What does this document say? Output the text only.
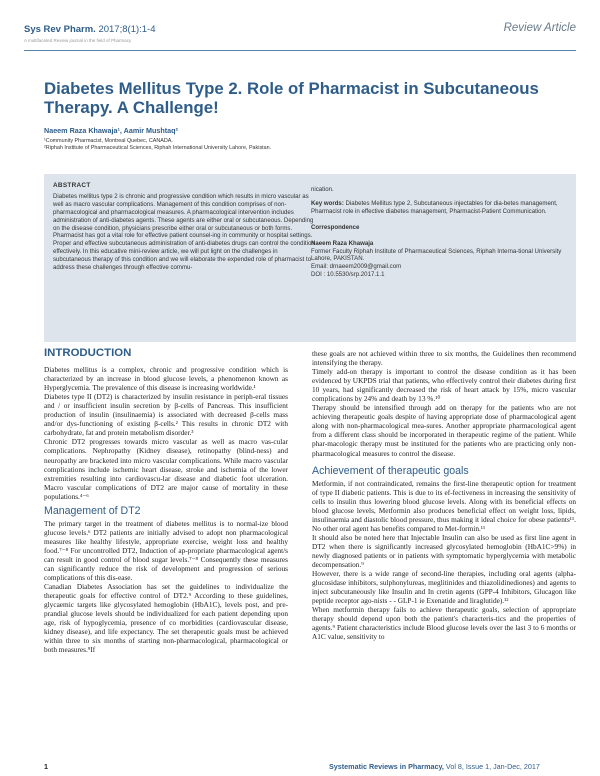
Sys Rev Pharm. 2017;8(1):1-4
A multifaceted Review journal in the field of Pharmacy
Review Article
Diabetes Mellitus Type 2. Role of Pharmacist in Subcutaneous Therapy. A Challenge!
Naeem Raza Khawaja¹, Aamir Mushtaq²
¹Community Pharmacist, Montreal Quebec, CANADA.
²Riphah Institute of Pharmaceutical Sciences, Riphah International University Lahore, Pakistan.
ABSTRACT
Diabetes mellitus type 2 is chronic and progressive condition which results in micro vascular as well as macro vascular complications. Management of this condition comprises of non-pharmacological and pharmacological measures. A pharmacological intervention includes administration of anti-diabetes agents. These agents are either oral or subcutaneous. Depending on the disease condition, physicians prescribe either oral or subcutaneous or both forms. Pharmacist has got a vital role for effective patient counsel-ing in community or hospital settings. Proper and effective subcutaneous administration of anti-diabetes drugs can control the condition effectively. In this educative mini-review article, we will put light on the challenges in subcutaneous therapy of this condition and we will elaborate the expended role of pharmacist to address these challenges through effective commu-

nication.

Key words: Diabetes Mellitus type 2, Subcutaneous injectables for dia-betes management, Pharmacist role in effective diabetes management, Pharmacist-Patient Communication.

Correspondence
Naeem Raza Khawaja
Former Faculty Riphah Institute of Pharmaceutical Sciences, Riphah Interna-tional University Lahore, PAKISTAN.
Email: drnaeem2009@gmail.com
DOI : 10.5530/srp.2017.1.1
INTRODUCTION

Diabetes mellitus is a complex, chronic and progressive condition which is characterized by an increase in blood glucose levels, a phenomenon known as Hyperglycemia. The prevalence of this disease is increasing worldwide.¹

Diabetes type II (DT2) is characterized by insulin resistance in periph-eral tissues and / or insufficient insulin secretion by β-cells of Pancreas. This insufficient production of insulin (insulinaemia) is associated with decreased β-cells mass and/or dys-functioning of existing β-cells.² This results in chronic DT2 with carbohydrate, fat and protein metabolism disorder.³

Chronic DT2 progresses towards micro vascular as well as macro vas-cular complications. Nephropathy (Kidney disease), retinopathy (blind-ness) and neuropathy are bracketed into micro vascular complications. While macro vascular complications include ischemic heart disease, stroke and ischemia of the lower extremities resulting into cardiovascu-lar disease and diabetic foot ulceration. Macro vascular complications of DT2 are major cause of mortality in these populations.⁴⁻⁶

Management of DT2

The primary target in the treatment of diabetes mellitus is to normal-ize blood glucose levels.⁶ DT2 patients are initially advised to adopt non pharmacological measures like healthy lifestyle, appropriate exercise, weight loss and healthy food.⁷⁻⁸ For uncontrolled DT2, Induction of ap-propriate pharmacological agent/s can result in good control of blood sugar levels.⁷⁻⁸ Consequently these measures can significantly reduce the risk of development and progression of serious complications of this dis-ease.

Canadian Diabetes Association has set the guidelines to individualize the therapeutic goals for effective control of DT2.⁹ According to these guidelines, glycaemic targets like glycosylated hemoglobin (HbA1C), levels post, and pre-prandial glucose levels should be individualized for each patient depending upon age, risk of hypoglycemia, presence of co morbidities (cardiovascular disease, kidney disease), and life expectancy. The set therapeutic goals must be achieved within three to six months of starting non-pharmacological, pharmacological or both measures.⁹If

these goals are not achieved within three to six months, the Guidelines then recommend intensifying the therapy.

Timely add-on therapy is important to control the disease condition as it has been evidenced by UKPDS trial that patients, who effectively control their diabetes during first 10 years, had significantly decreased the risk of heart attack by 15%, micro vascular complications by 24% and death by 13 %.¹⁰

Therapy should be intensified through add on therapy for the patients who are not achieving therapeutic goals despite of having appropriate dose of pharmacological agent along with non-pharmacological mea-sures. Another appropriate pharmacological agent from a different class should be incorporated in therapeutic regime of the patient. While phar-macologic therapy must be instituted for the patients who are practicing only non-pharmacological measures to control the disease.

Achievement of therapeutic goals

Metformin, if not contraindicated, remains the first-line therapeutic option for treatment of type II diabetic patients. This is due to its ef-fectiveness in increasing the sensitivity of cells to insulin thus lowering blood glucose levels. Along with its beneficial effects on blood glucose levels, Metformin also produces beneficial effect on weight loss, lipids, insulinaemia and diastolic blood pressure, thus making it ideal choice for obese patients¹¹. No other oral agent has benefits compared to Met-formin.¹¹

It should also be noted here that Injectable Insulin can also be used as first line agent in DT2 when there is significantly increased glycosylated hemoglobin (HbA1C>9%) in newly diagnosed patients or in patients with symptomatic hyperglycemia with metabolic decompensation.⁹

However, there is a wide range of second-line therapies, including oral agents (alpha-glucosidase inhibitors, sulphonylureas, meglitinides and thiazolidinediones) and agents to inject subcutaneously like Insulin and In cretin agents (GPP-4 Inhibitors, Glucagon like peptide receptor ago-nists - - GLP-1 ie Exenatide and liraglutide).¹²

When metformin therapy fails to achieve therapeutic goals, selection of appropriate therapy should depend upon both the patient's characteris-tics and the properties of agents.⁹ Patient characteristics include Blood glucose levels over the last 3 to 6 months or A1C value, sensitivity to

1	Systematic Reviews in Pharmacy, Vol 8, Issue 1, Jan-Dec, 2017
